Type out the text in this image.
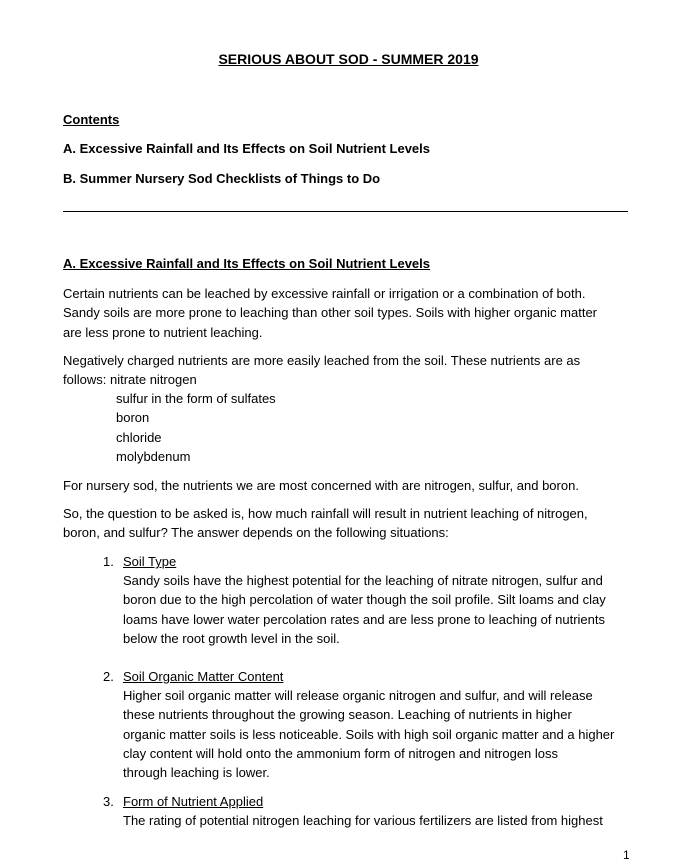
SERIOUS ABOUT SOD - SUMMER 2019
Contents
A. Excessive Rainfall and Its Effects on Soil Nutrient Levels
B. Summer Nursery Sod Checklists of Things to Do
A. Excessive Rainfall and Its Effects on Soil Nutrient Levels
Certain nutrients can be leached by excessive rainfall or irrigation or a combination of both.
Sandy soils are more prone to leaching than other soil types. Soils with higher organic matter
are less prone to nutrient leaching.
Negatively charged nutrients are more easily leached from the soil. These nutrients are as
follows: nitrate nitrogen
sulfur in the form of sulfates
boron
chloride
molybdenum
For nursery sod, the nutrients we are most concerned with are nitrogen, sulfur, and boron.
So, the question to be asked is, how much rainfall will result in nutrient leaching of nitrogen,
boron, and sulfur? The answer depends on the following situations:
1. Soil Type
Sandy soils have the highest potential for the leaching of nitrate nitrogen, sulfur and
boron due to the high percolation of water though the soil profile. Silt loams and clay
loams have lower water percolation rates and are less prone to leaching of nutrients
below the root growth level in the soil.
2. Soil Organic Matter Content
Higher soil organic matter will release organic nitrogen and sulfur, and will release
these nutrients throughout the growing season. Leaching of nutrients in higher
organic matter soils is less noticeable. Soils with high soil organic matter and a higher
clay content will hold onto the ammonium form of nitrogen and nitrogen loss
through leaching is lower.
3. Form of Nutrient Applied
The rating of potential nitrogen leaching for various fertilizers are listed from highest
1
